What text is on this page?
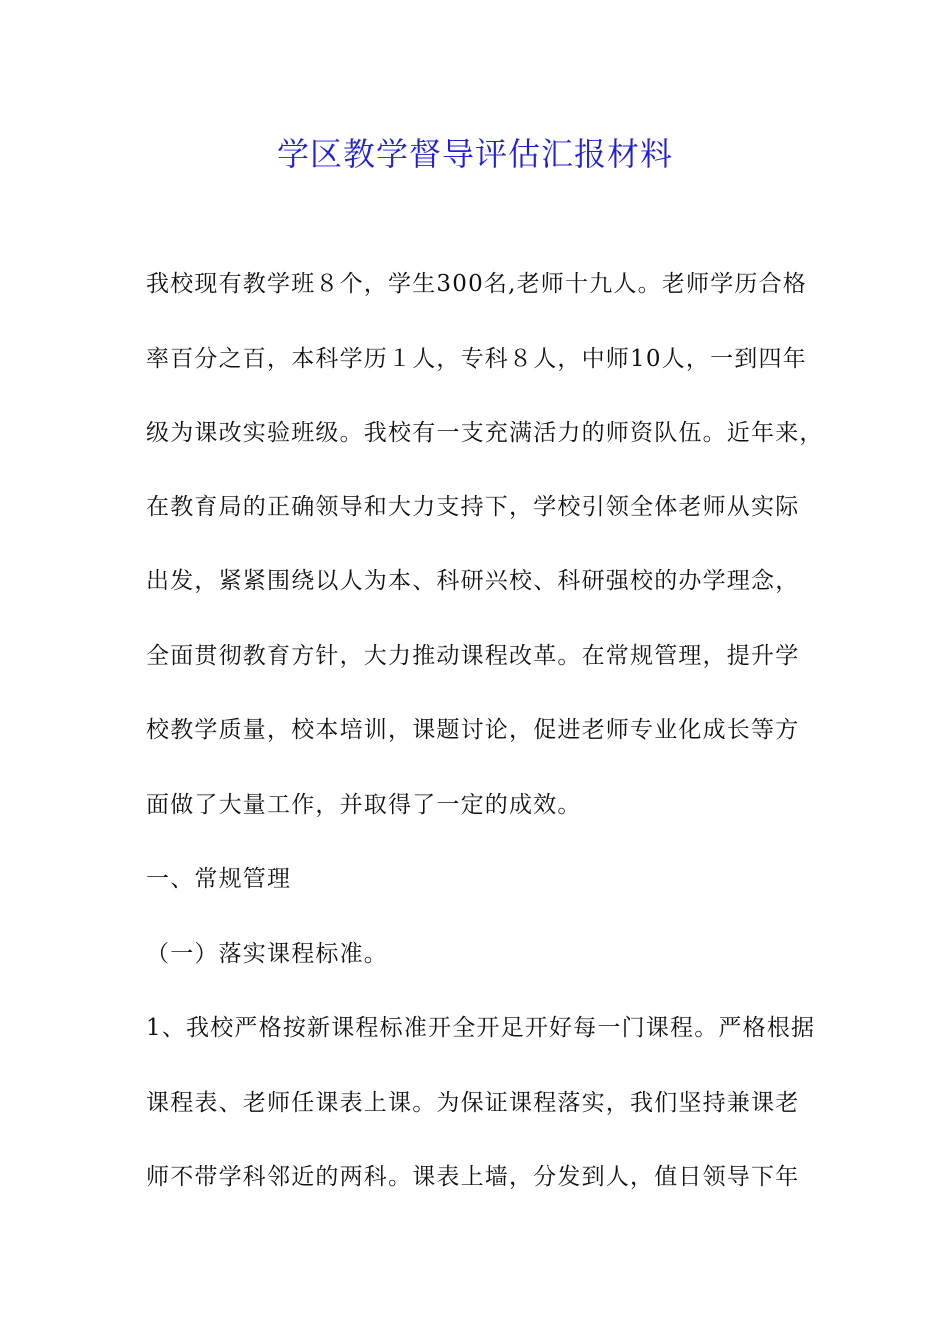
学区教学督导评估汇报材料

我校现有教学班８个，学生300名,老师十九人。老师学历合格

率百分之百，本科学历１人，专科８人，中师10人，一到四年

级为课改实验班级。我校有一支充满活力的师资队伍。近年来，

在教育局的正确领导和大力支持下，学校引领全体老师从实际

出发，紧紧围绕以人为本、科研兴校、科研强校的办学理念，

全面贯彻教育方针，大力推动课程改革。在常规管理，提升学

校教学质量，校本培训，课题讨论，促进老师专业化成长等方

面做了大量工作，并取得了一定的成效。

一、常规管理

（一）落实课程标准。

1、我校严格按新课程标准开全开足开好每一门课程。严格根据

课程表、老师任课表上课。为保证课程落实，我们坚持兼课老

师不带学科邻近的两科。课表上墙，分发到人，值日领导下年
